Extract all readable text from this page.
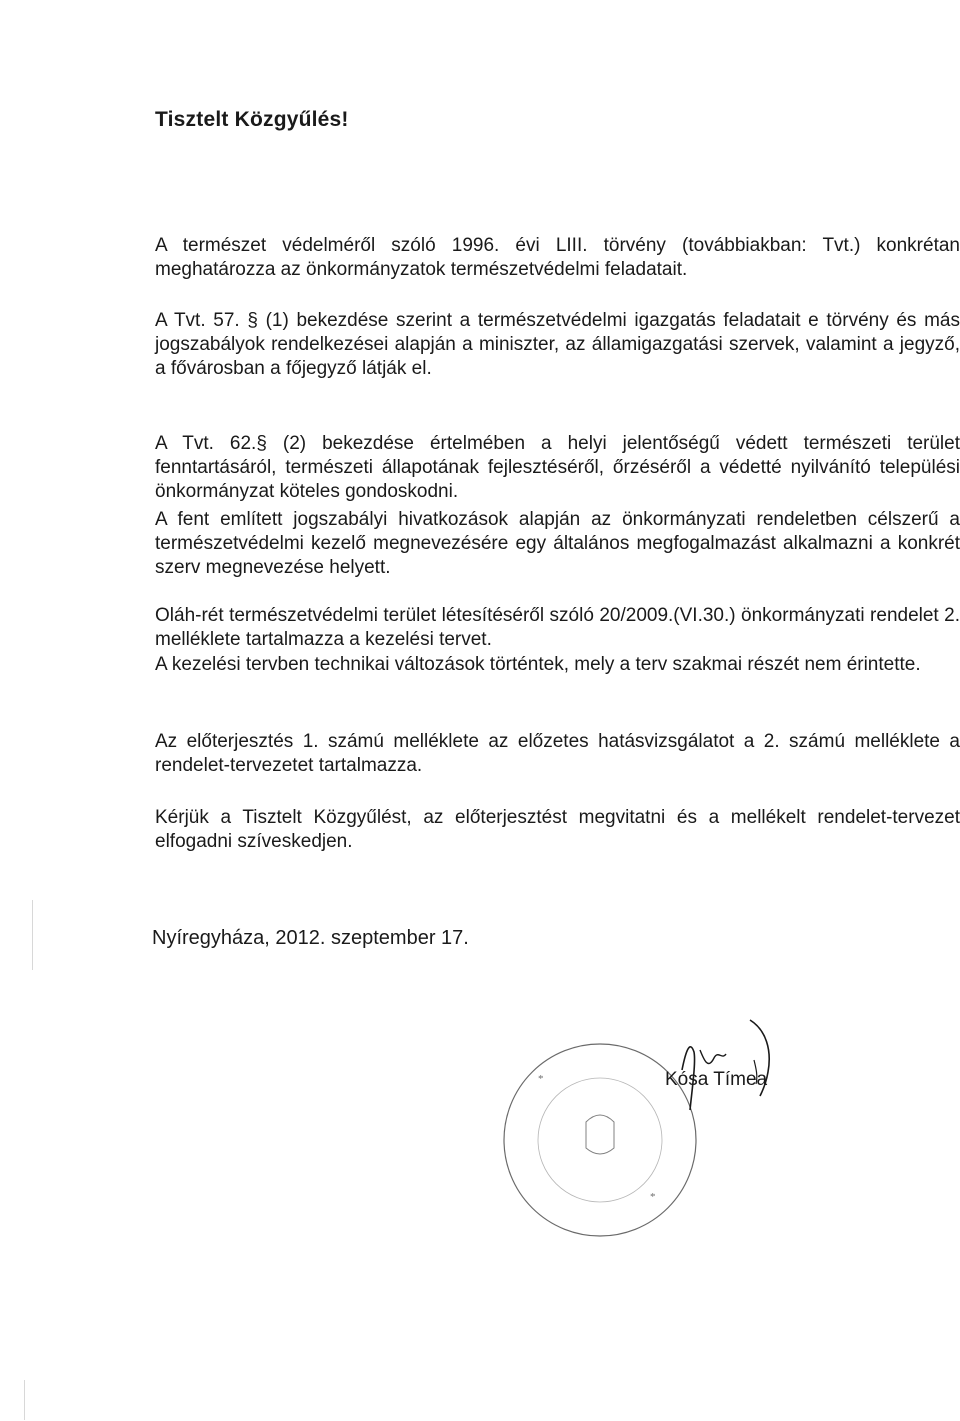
Tisztelt Közgyűlés!

A természet védelméről szóló 1996. évi LIII. törvény (továbbiakban: Tvt.) konkrétan meghatározza az önkormányzatok természetvédelmi feladatait.

A Tvt. 57. § (1) bekezdése szerint a természetvédelmi igazgatás feladatait e törvény és más jogszabályok rendelkezései alapján a miniszter, az államigazgatási szervek, valamint a jegyző, a fővárosban a főjegyző látják el.

A Tvt. 62.§ (2) bekezdése értelmében a helyi jelentőségű védett természeti terület fenntartásáról, természeti állapotának fejlesztéséről, őrzéséről a védetté nyilvánító települési önkormányzat köteles gondoskodni.

A fent említett jogszabályi hivatkozások alapján az önkormányzati rendeletben célszerű a természetvédelmi kezelő megnevezésére egy általános megfogalmazást alkalmazni a konkrét szerv megnevezése helyett.

Oláh-rét természetvédelmi terület létesítéséről szóló 20/2009.(VI.30.) önkormányzati rendelet 2. melléklete tartalmazza a kezelési tervet.

A kezelési tervben technikai változások történtek, mely a terv szakmai részét nem érintette.

Az előterjesztés 1. számú melléklete az előzetes hatásvizsgálatot a 2. számú melléklete a rendelet-tervezetet tartalmazza.

Kérjük a Tisztelt Közgyűlést, az előterjesztést megvitatni és a mellékelt rendelet-tervezet elfogadni szíveskedjen.

Nyíregyháza, 2012. szeptember 17.
*
*
Kósa Tímea
